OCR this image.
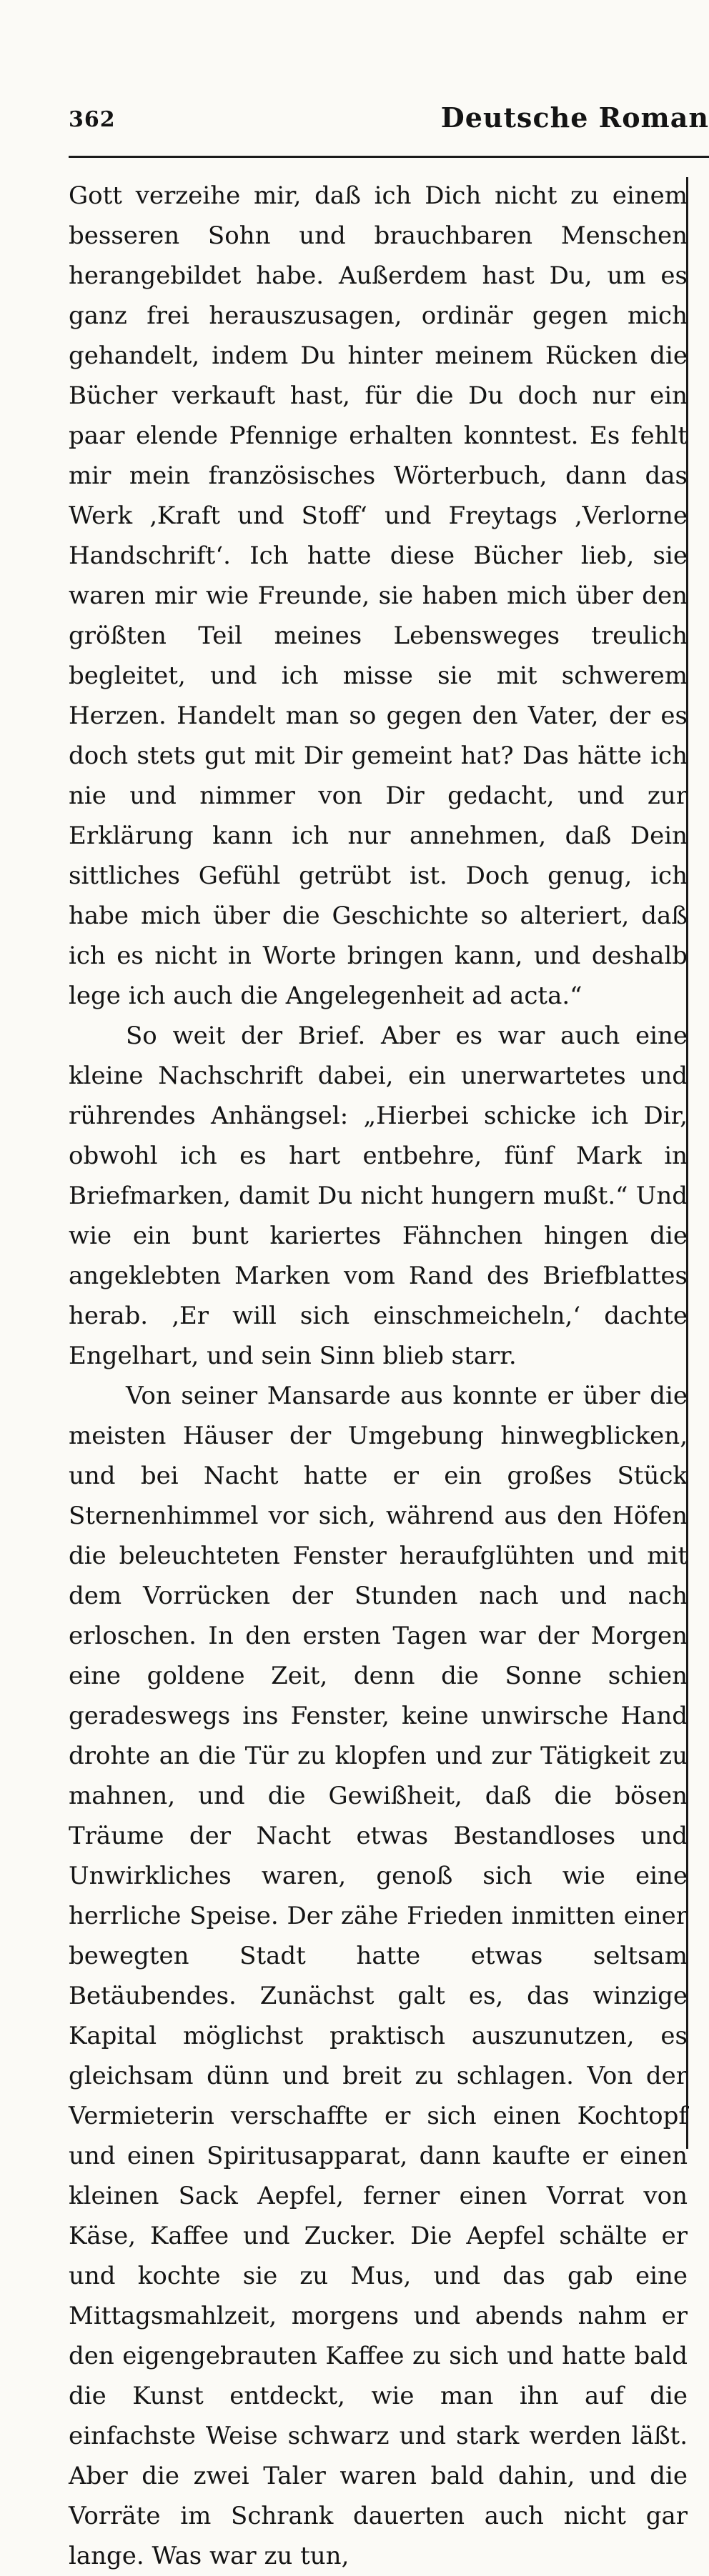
362	Deutsche Roman

Gott verzeihe mir, daß ich Dich nicht zu einem besseren Sohn und brauchbaren Menschen herangebildet habe. Außerdem hast Du, um es ganz frei herauszusagen, ordinär gegen mich gehandelt, indem Du hinter meinem Rücken die Bücher verkauft hast, für die Du doch nur ein paar elende Pfennige erhalten konntest. Es fehlt mir mein französisches Wörterbuch, dann das Werk ‚Kraft und Stoff‘ und Freytags ‚Verlorne Handschrift‘. Ich hatte diese Bücher lieb, sie waren mir wie Freunde, sie haben mich über den größten Teil meines Lebensweges treulich begleitet, und ich misse sie mit schwerem Herzen. Handelt man so gegen den Vater, der es doch stets gut mit Dir gemeint hat? Das hätte ich nie und nimmer von Dir gedacht, und zur Erklärung kann ich nur annehmen, daß Dein sittliches Gefühl getrübt ist. Doch genug, ich habe mich über die Geschichte so alteriert, daß ich es nicht in Worte bringen kann, und deshalb lege ich auch die Angelegenheit ad acta.“

So weit der Brief. Aber es war auch eine kleine Nachschrift dabei, ein unerwartetes und rührendes Anhängsel: „Hierbei schicke ich Dir, obwohl ich es hart entbehre, fünf Mark in Briefmarken, damit Du nicht hungern mußt.“ Und wie ein bunt kariertes Fähnchen hingen die angeklebten Marken vom Rand des Briefblattes herab. ‚Er will sich einschmeicheln,‘ dachte Engelhart, und sein Sinn blieb starr.

Von seiner Mansarde aus konnte er über die meisten Häuser der Umgebung hinwegblicken, und bei Nacht hatte er ein großes Stück Sternenhimmel vor sich, während aus den Höfen die beleuchteten Fenster heraufglühten und mit dem Vorrücken der Stunden nach und nach erloschen. In den ersten Tagen war der Morgen eine goldene Zeit, denn die Sonne schien geradeswegs ins Fenster, keine unwirsche Hand drohte an die Tür zu klopfen und zur Tätigkeit zu mahnen, und die Gewißheit, daß die bösen Träume der Nacht etwas Bestandloses und Unwirkliches waren, genoß sich wie eine herrliche Speise. Der zähe Frieden inmitten einer bewegten Stadt hatte etwas seltsam Betäubendes. Zunächst galt es, das winzige Kapital möglichst praktisch auszunutzen, es gleichsam dünn und breit zu schlagen. Von der Vermieterin verschaffte er sich einen Kochtopf und einen Spiritusapparat, dann kaufte er einen kleinen Sack Aepfel, ferner einen Vorrat von Käse, Kaffee und Zucker. Die Aepfel schälte er und kochte sie zu Mus, und das gab eine Mittagsmahlzeit, morgens und abends nahm er den eigengebrauten Kaffee zu sich und hatte bald die Kunst entdeckt, wie man ihn auf die einfachste Weise schwarz und stark werden läßt. Aber die zwei Taler waren bald dahin, und die Vorräte im Schrank dauerten auch nicht gar lange. Was war zu tun,
